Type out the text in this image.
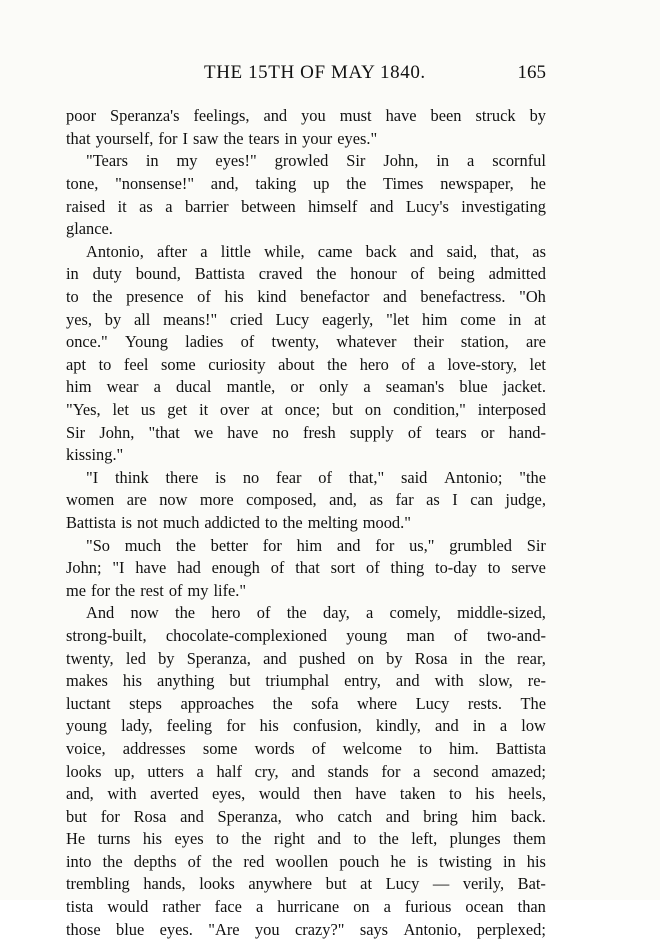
THE 15TH OF MAY 1840.	165
poor Speranza's feelings, and you must have been struck by
that yourself, for I saw the tears in your eyes."
"Tears in my eyes!" growled Sir John, in a scornful
tone, "nonsense!" and, taking up the Times newspaper, he
raised it as a barrier between himself and Lucy's investigating
glance.
Antonio, after a little while, came back and said, that, as
in duty bound, Battista craved the honour of being admitted
to the presence of his kind benefactor and benefactress. "Oh
yes, by all means!" cried Lucy eagerly, "let him come in at
once." Young ladies of twenty, whatever their station, are
apt to feel some curiosity about the hero of a love-story, let
him wear a ducal mantle, or only a seaman's blue jacket.
"Yes, let us get it over at once; but on condition," interposed
Sir John, "that we have no fresh supply of tears or hand-
kissing."
"I think there is no fear of that," said Antonio; "the
women are now more composed, and, as far as I can judge,
Battista is not much addicted to the melting mood."
"So much the better for him and for us," grumbled Sir
John; "I have had enough of that sort of thing to-day to serve
me for the rest of my life."
And now the hero of the day, a comely, middle-sized,
strong-built, chocolate-complexioned young man of two-and-
twenty, led by Speranza, and pushed on by Rosa in the rear,
makes his anything but triumphal entry, and with slow, re-
luctant steps approaches the sofa where Lucy rests. The
young lady, feeling for his confusion, kindly, and in a low
voice, addresses some words of welcome to him. Battista
looks up, utters a half cry, and stands for a second amazed;
and, with averted eyes, would then have taken to his heels,
but for Rosa and Speranza, who catch and bring him back.
He turns his eyes to the right and to the left, plunges them
into the depths of the red woollen pouch he is twisting in his
trembling hands, looks anywhere but at Lucy — verily, Bat-
tista would rather face a hurricane on a furious ocean than
those blue eyes. "Are you crazy?" says Antonio, perplexed;
